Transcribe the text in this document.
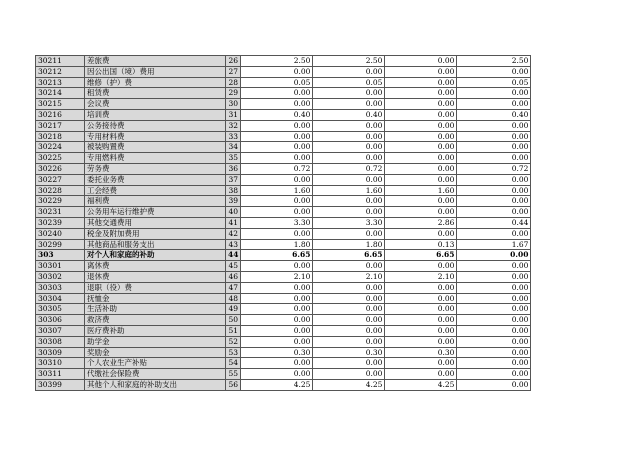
30211	差旅费	26	2.50	2.50	0.00	2.50
30212	因公出国（境）费用	27	0.00	0.00	0.00	0.00
30213	维修（护）费	28	0.05	0.05	0.00	0.05
30214	租赁费	29	0.00	0.00	0.00	0.00
30215	会议费	30	0.00	0.00	0.00	0.00
30216	培训费	31	0.40	0.40	0.00	0.40
30217	公务接待费	32	0.00	0.00	0.00	0.00
30218	专用材料费	33	0.00	0.00	0.00	0.00
30224	被装购置费	34	0.00	0.00	0.00	0.00
30225	专用燃料费	35	0.00	0.00	0.00	0.00
30226	劳务费	36	0.72	0.72	0.00	0.72
30227	委托业务费	37	0.00	0.00	0.00	0.00
30228	工会经费	38	1.60	1.60	1.60	0.00
30229	福利费	39	0.00	0.00	0.00	0.00
30231	公务用车运行维护费	40	0.00	0.00	0.00	0.00
30239	其他交通费用	41	3.30	3.30	2.86	0.44
30240	税金及附加费用	42	0.00	0.00	0.00	0.00
30299	其他商品和服务支出	43	1.80	1.80	0.13	1.67
303	对个人和家庭的补助	44	6.65	6.65	6.65	0.00
30301	离休费	45	0.00	0.00	0.00	0.00
30302	退休费	46	2.10	2.10	2.10	0.00
30303	退职（役）费	47	0.00	0.00	0.00	0.00
30304	抚恤金	48	0.00	0.00	0.00	0.00
30305	生活补助	49	0.00	0.00	0.00	0.00
30306	救济费	50	0.00	0.00	0.00	0.00
30307	医疗费补助	51	0.00	0.00	0.00	0.00
30308	助学金	52	0.00	0.00	0.00	0.00
30309	奖励金	53	0.30	0.30	0.30	0.00
30310	个人农业生产补贴	54	0.00	0.00	0.00	0.00
30311	代缴社会保险费	55	0.00	0.00	0.00	0.00
30399	其他个人和家庭的补助支出	56	4.25	4.25	4.25	0.00
